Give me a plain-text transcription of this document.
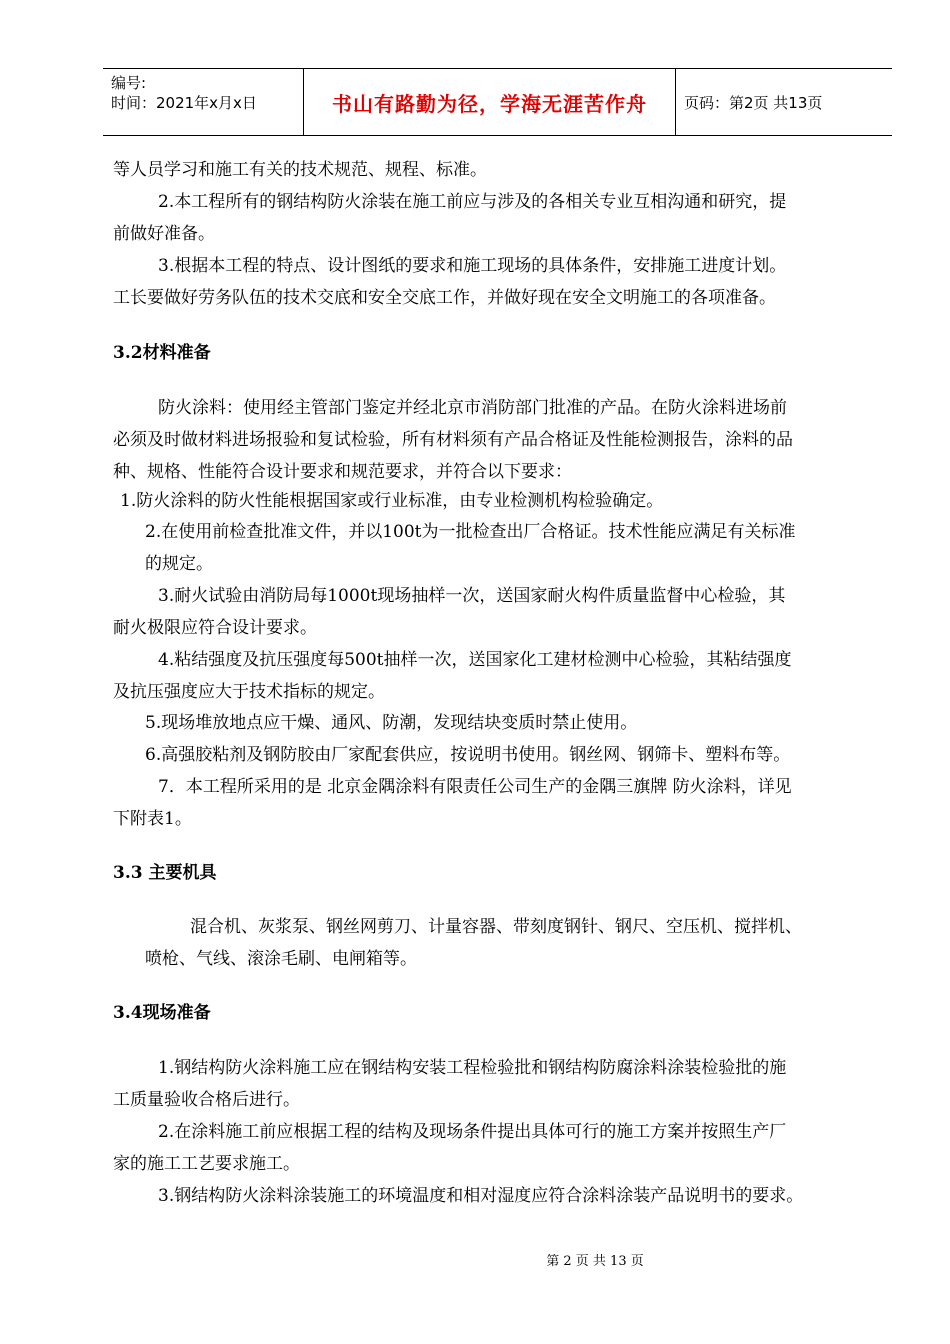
编号:
时间：2021年x月x日	书山有路勤为径，学海无涯苦作舟 页码：第2页 共13页
等人员学习和施工有关的技术规范、规程、标准。
2.本工程所有的钢结构防火涂装在施工前应与涉及的各相关专业互相沟通和研究，提
前做好准备。
3.根据本工程的特点、设计图纸的要求和施工现场的具体条件，安排施工进度计划。
工长要做好劳务队伍的技术交底和安全交底工作，并做好现在安全文明施工的各项准备。
3.2材料准备
防火涂料：使用经主管部门鉴定并经北京市消防部门批准的产品。在防火涂料进场前
必须及时做材料进场报验和复试检验，所有材料须有产品合格证及性能检测报告，涂料的品
种、规格、性能符合设计要求和规范要求，并符合以下要求：
1.防火涂料的防火性能根据国家或行业标准，由专业检测机构检验确定。
2.在使用前检查批准文件，并以100t为一批检查出厂合格证。技术性能应满足有关标准
的规定。
3.耐火试验由消防局每1000t现场抽样一次，送国家耐火构件质量监督中心检验，其
耐火极限应符合设计要求。
4.粘结强度及抗压强度每500t抽样一次，送国家化工建材检测中心检验，其粘结强度
及抗压强度应大于技术指标的规定。
5.现场堆放地点应干燥、通风、防潮，发现结块变质时禁止使用。
6.高强胶粘剂及钢防胶由厂家配套供应，按说明书使用。钢丝网、钢筛卡、塑料布等。
7．本工程所采用的是 北京金隅涂料有限责任公司生产的金隅三旗牌 防火涂料，详见
下附表1。
3.3 主要机具
混合机、灰浆泵、钢丝网剪刀、计量容器、带刻度钢针、钢尺、空压机、搅拌机、
喷枪、气线、滚涂毛刷、电闸箱等。
3.4现场准备
1.钢结构防火涂料施工应在钢结构安装工程检验批和钢结构防腐涂料涂装检验批的施
工质量验收合格后进行。
2.在涂料施工前应根据工程的结构及现场条件提出具体可行的施工方案并按照生产厂
家的施工工艺要求施工。
3.钢结构防火涂料涂装施工的环境温度和相对湿度应符合涂料涂装产品说明书的要求。
第 2 页 共 13 页
